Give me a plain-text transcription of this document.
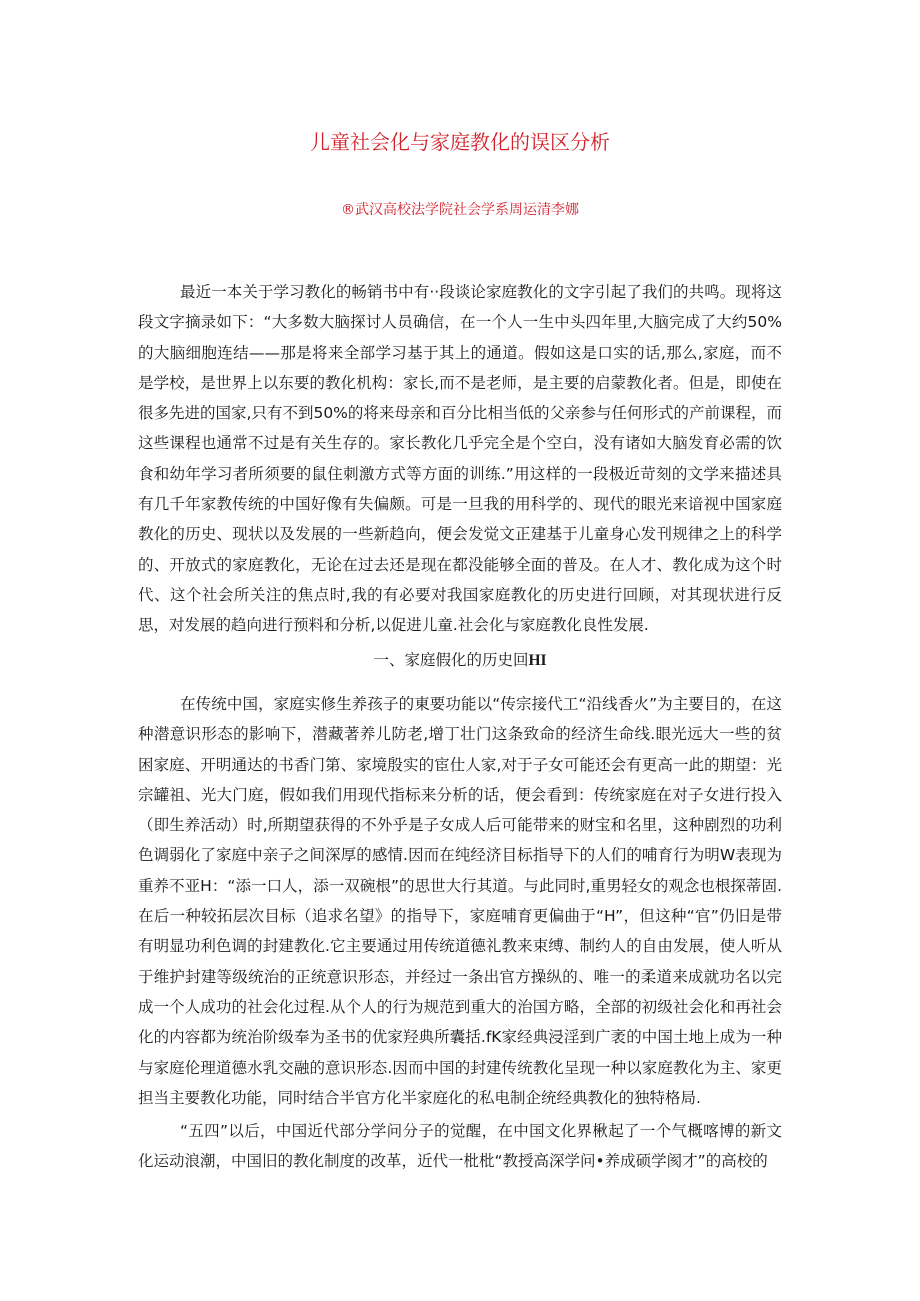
儿童社会化与家庭教化的误区分析
®武汉高校法学院社会学系周运清李娜

最近一本关于学习教化的畅销书中有··段谈论家庭教化的文字引起了我们的共鸣。现将这段文字摘录如下：“大多数大脑探讨人员确信，在一个人一生中头四年里,大脑完成了大约50%的大脑细胞连结——那是将来全部学习基于其上的通道。假如这是口实的话,那么,家庭，而不是学校，是世界上以东要的教化机构：家长,而不是老师，是主要的启蒙教化者。但是，即使在很多先进的国家,只有不到50%的将来母亲和百分比相当低的父亲参与任何形式的产前课程，而这些课程也通常不过是有关生存的。家长教化几乎完全是个空白，没有诸如大脑发育必需的饮食和幼年学习者所须要的鼠住刺激方式等方面的训练.”用这样的一段极近苛刻的文学来描述具有几千年家教传统的中国好像有失偏颇。可是一旦我的用科学的、现代的眼光来谙视中国家庭教化的历史、现状以及发展的一些新趋向，便会发觉文正建基于儿童身心发刊规律之上的科学的、开放式的家庭教化，无论在过去还是现在都没能够全面的普及。在人才、教化成为这个时代、这个社会所关注的焦点时,我的有必要对我国家庭教化的历史进行回顾，对其现状进行反思，对发展的趋向进行预料和分析,以促进儿童.社会化与家庭教化良性发展.

一、家庭假化的历史回HI

在传统中国，家庭实修生养孩子的東要功能以“传宗接代工“沿线香火”为主要目的，在这种潜意识形态的影响下，潜藏著养儿防老,增丁壮门这条致命的经济生命线.眼光远大一些的贫困家庭、开明通达的书香门第、家境殷实的宦仕人家,对于子女可能还会有更高一此的期望：光宗罐祖、光大门庭，假如我们用现代指标来分析的话，便会看到：传统家庭在对子女进行投入（即生养活动）时,所期望获得的不外乎是子女成人后可能带来的财宝和名里，这种剧烈的功利色调弱化了家庭中亲子之间深厚的感情.因而在纯经济目标指导下的人们的哺育行为明W表现为重养不亚H：“添一口人，添一双碗根”的思世大行其道。与此同时,重男轻女的观念也根探蒂固.在后一种较拓层次目标（追求名望》的指导下，家庭哺育更偏曲于“H”，但这种“官”仍旧是带有明显功利色调的封建教化.它主要通过用传统道德礼教来束缚、制约人的自由发展，使人听从于维护封建等级统治的正统意识形态，并经过一条出官方操纵的、唯一的柔道来成就功名以完成一个人成功的社会化过程.从个人的行为规范到重大的治国方略，全部的初级社会化和再社会化的内容都为统治阶级奉为圣书的优家羟典所囊括.fK家经典浸淫到广袤的中国土地上成为一种与家庭伦理道德水乳交融的意识形态.因而中国的封建传统教化呈现一种以家庭教化为主、家更担当主要教化功能，同时结合半官方化半家庭化的私电制企统经典教化的独特格局.

“五四”以后，中国近代部分学问分子的觉醒，在中国文化界楸起了一个气概喀博的新文化运动浪潮，中国旧的教化制度的改革，近代一枇枇“教授高深学问•养成硕学阂才”的高校的
